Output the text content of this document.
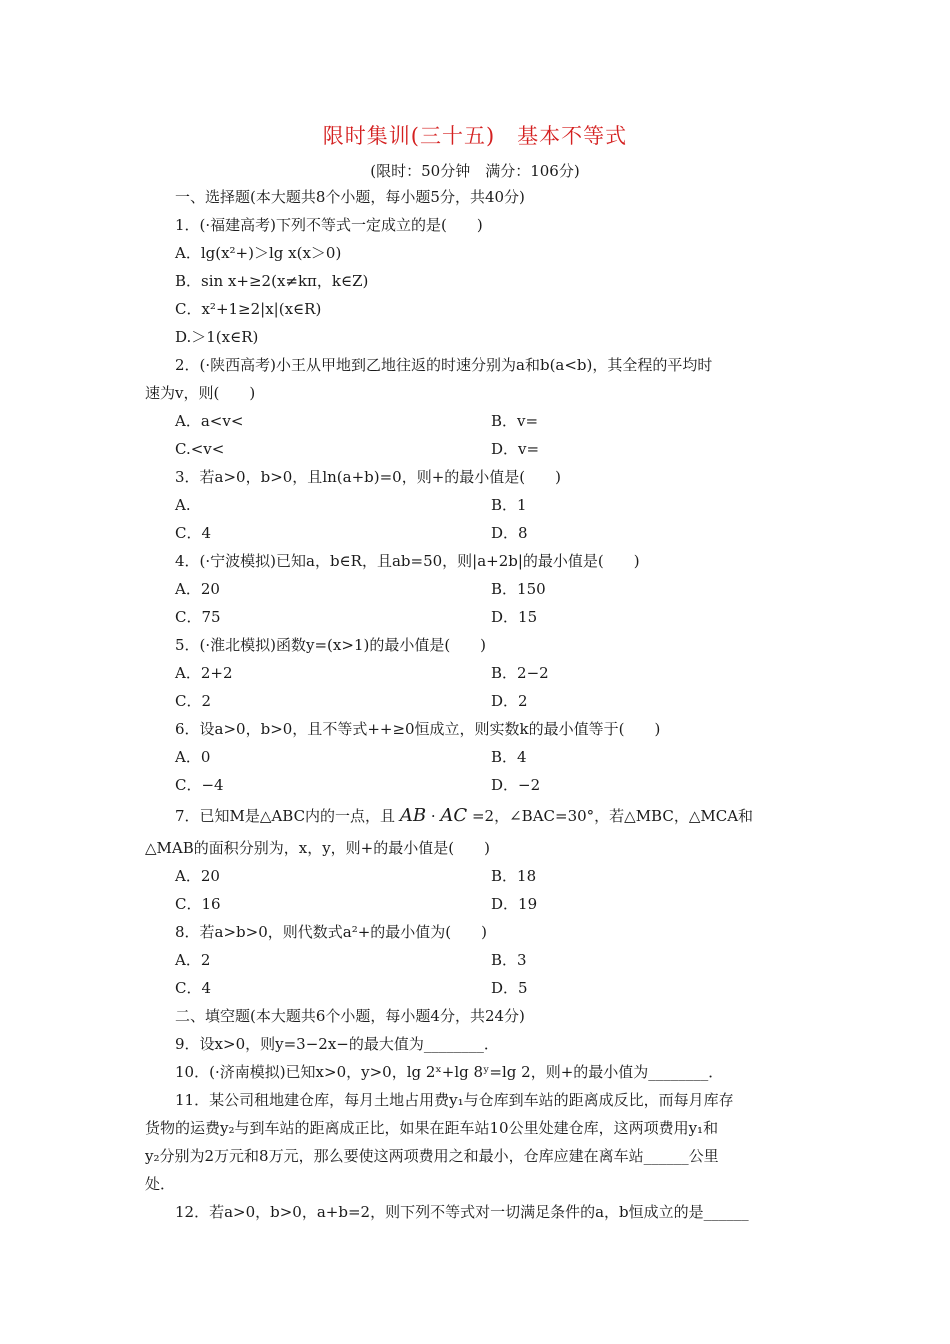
限时集训(三十五)　基本不等式
(限时：50分钟　满分：106分)
一、选择题(本大题共8个小题，每小题5分，共40分)
1．(·福建高考)下列不等式一定成立的是(　　)
A．lg(x²+)＞lg x(x＞0)
B．sin x+≥2(x≠kπ，k∈Z)
C．x²+1≥2|x|(x∈R)
D.＞1(x∈R)
2．(·陕西高考)小王从甲地到乙地往返的时速分别为a和b(a<b)，其全程的平均时
速为v，则(　　)
A．a<v<	B．v=
C.<v<	D．v=
3．若a>0，b>0，且ln(a+b)=0，则+的最小值是(　　)
A.	B．1
C．4	D．8
4．(·宁波模拟)已知a，b∈R，且ab=50，则|a+2b|的最小值是(　　)
A．20	B．150
C．75	D．15
5．(·淮北模拟)函数y=(x>1)的最小值是(　　)
A．2+2	B．2−2
C．2	D．2
6．设a>0，b>0，且不等式++≥0恒成立，则实数k的最小值等于(　　)
A．0	B．4
C．−4	D．−2
7．已知M是△ABC内的一点，且 AB · AC =2，∠BAC=30°，若△MBC，△MCA和
△MAB的面积分别为，x，y，则+的最小值是(　　)
A．20	B．18
C．16	D．19
8．若a>b>0，则代数式a²+的最小值为(　　)
A．2	B．3
C．4	D．5
二、填空题(本大题共6个小题，每小题4分，共24分)
9．设x>0，则y=3−2x−的最大值为________．
10．(·济南模拟)已知x>0，y>0，lg 2ˣ+lg 8ʸ=lg 2，则+的最小值为________．
11．某公司租地建仓库，每月土地占用费y₁与仓库到车站的距离成反比，而每月库存
货物的运费y₂与到车站的距离成正比，如果在距车站10公里处建仓库，这两项费用y₁和
y₂分别为2万元和8万元，那么要使这两项费用之和最小，仓库应建在离车站______公里
处．
12．若a>0，b>0，a+b=2，则下列不等式对一切满足条件的a，b恒成立的是______
